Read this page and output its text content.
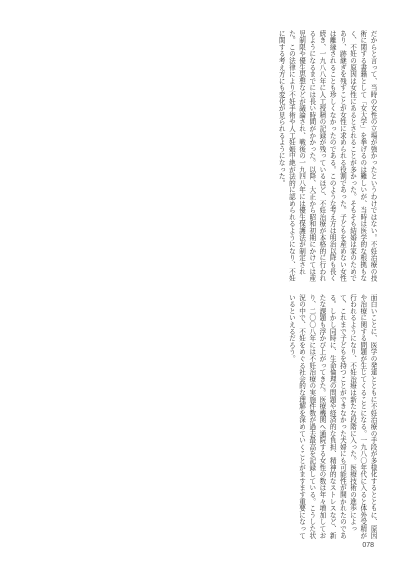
だからと言って、当時の女性の立場が強かったというわけではない。不妊治療の技術に関する書籍として「女大学」を挙げるのは難しいが、当時は医学的な根拠もなく、不妊の原因は女性にあるとされることが多かった。そもそも結婚は家のためであり、跡継ぎを残すことが女性に求められる役割であった。子どもを産めない女性は離縁されることも珍しくなかったのである。このような考え方は明治以降も長く続き、一九八八年に人工授精の記録が残っているほど、不妊治療が本格的に行われるようになるまでには長い時間がかかった。以降、大正から昭和初期にかけては産児制限や優生思想などが議論され、戦後の一九四八年には優生保護法が制定された。この法律により不妊手術や人工妊娠中絶が法的に認められるようになり、不妊に関する考え方にも変化が見られるようになった。
面白いことに、医学の発達とともに不妊治療の手段が多様化するとともに、原因や治療に関する問題が生じてくることになる。一九八〇年代に入ると体外受精が行われるようになり、不妊治療は新たな段階に入った。医療技術の進歩によって、これまで子どもを持つことができなかった夫婦にも可能性が開かれたのである。しかし同時に、生命倫理の問題や経済的な負担、精神的なストレスなど、新たな課題も浮かび上がってきた。医療機関へ通院する女性の数は年々増加しており、二〇〇八年には不妊治療の実施件数が過去最高を記録している。こうした状況の中で、不妊をめぐる社会的な理解を深めていくことがますます重要になっているといえるだろう。
078
